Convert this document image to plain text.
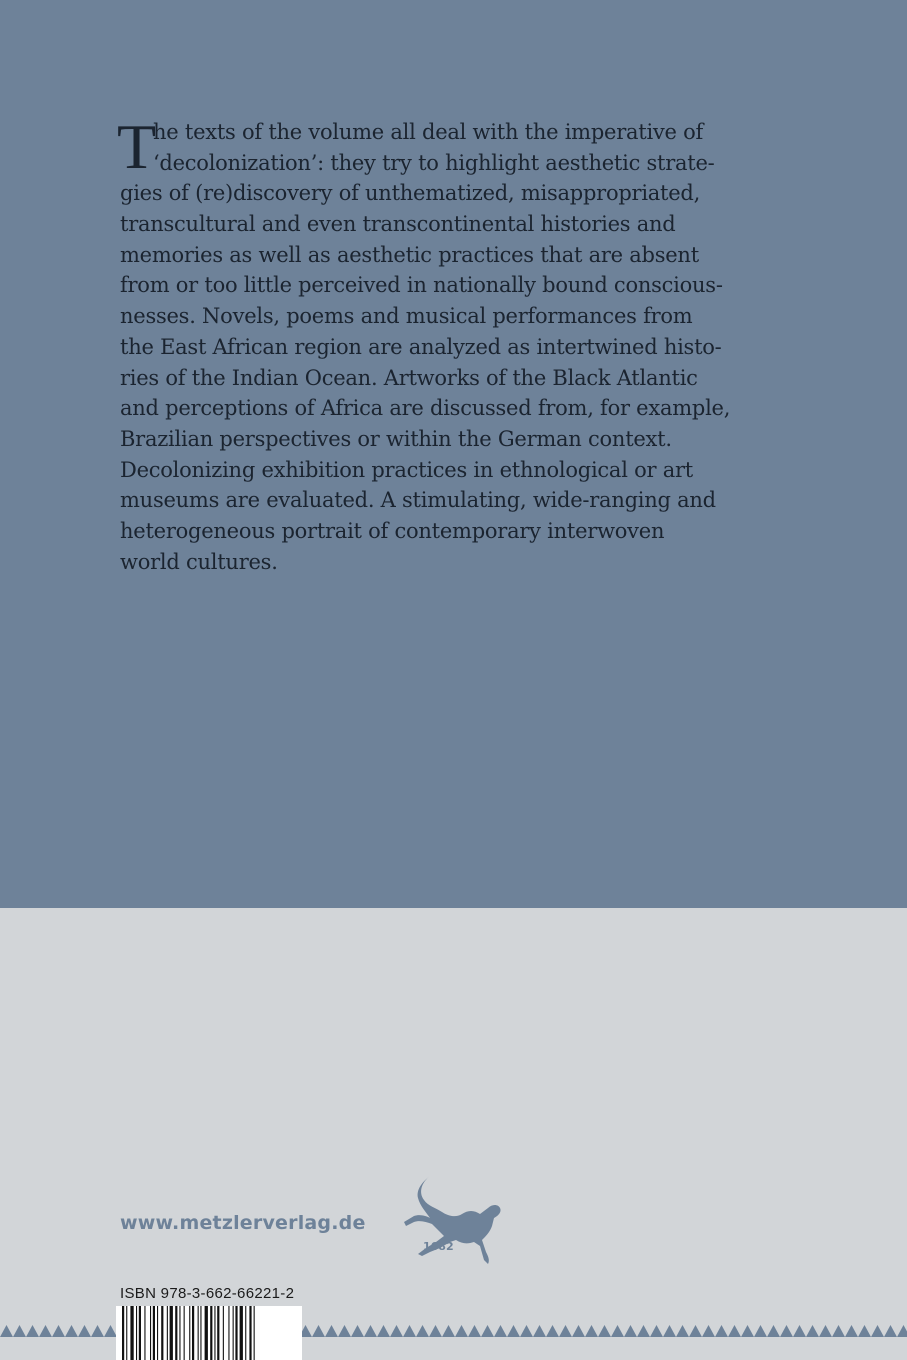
T
he texts of the volume all deal with the imperative of
‘decolonization’: they try to highlight aesthetic strate-
gies of (re)discovery of unthematized, misappropriated,
transcultural and even transcontinental histories and
memories as well as aesthetic practices that are absent
from or too little perceived in nationally bound conscious-
nesses. Novels, poems and musical performances from
the East African region are analyzed as intertwined histo-
ries of the Indian Ocean. Artworks of the Black Atlantic
and perceptions of Africa are discussed from, for example,
Brazilian perspectives or within the German context.
Decolonizing exhibition practices in ethnological or art
museums are evaluated. A stimulating, wide-ranging and
heterogeneous portrait of contemporary interwoven
world cultures.
www.metzlerverlag.de
1682
ISBN 978-3-662-66221-2
